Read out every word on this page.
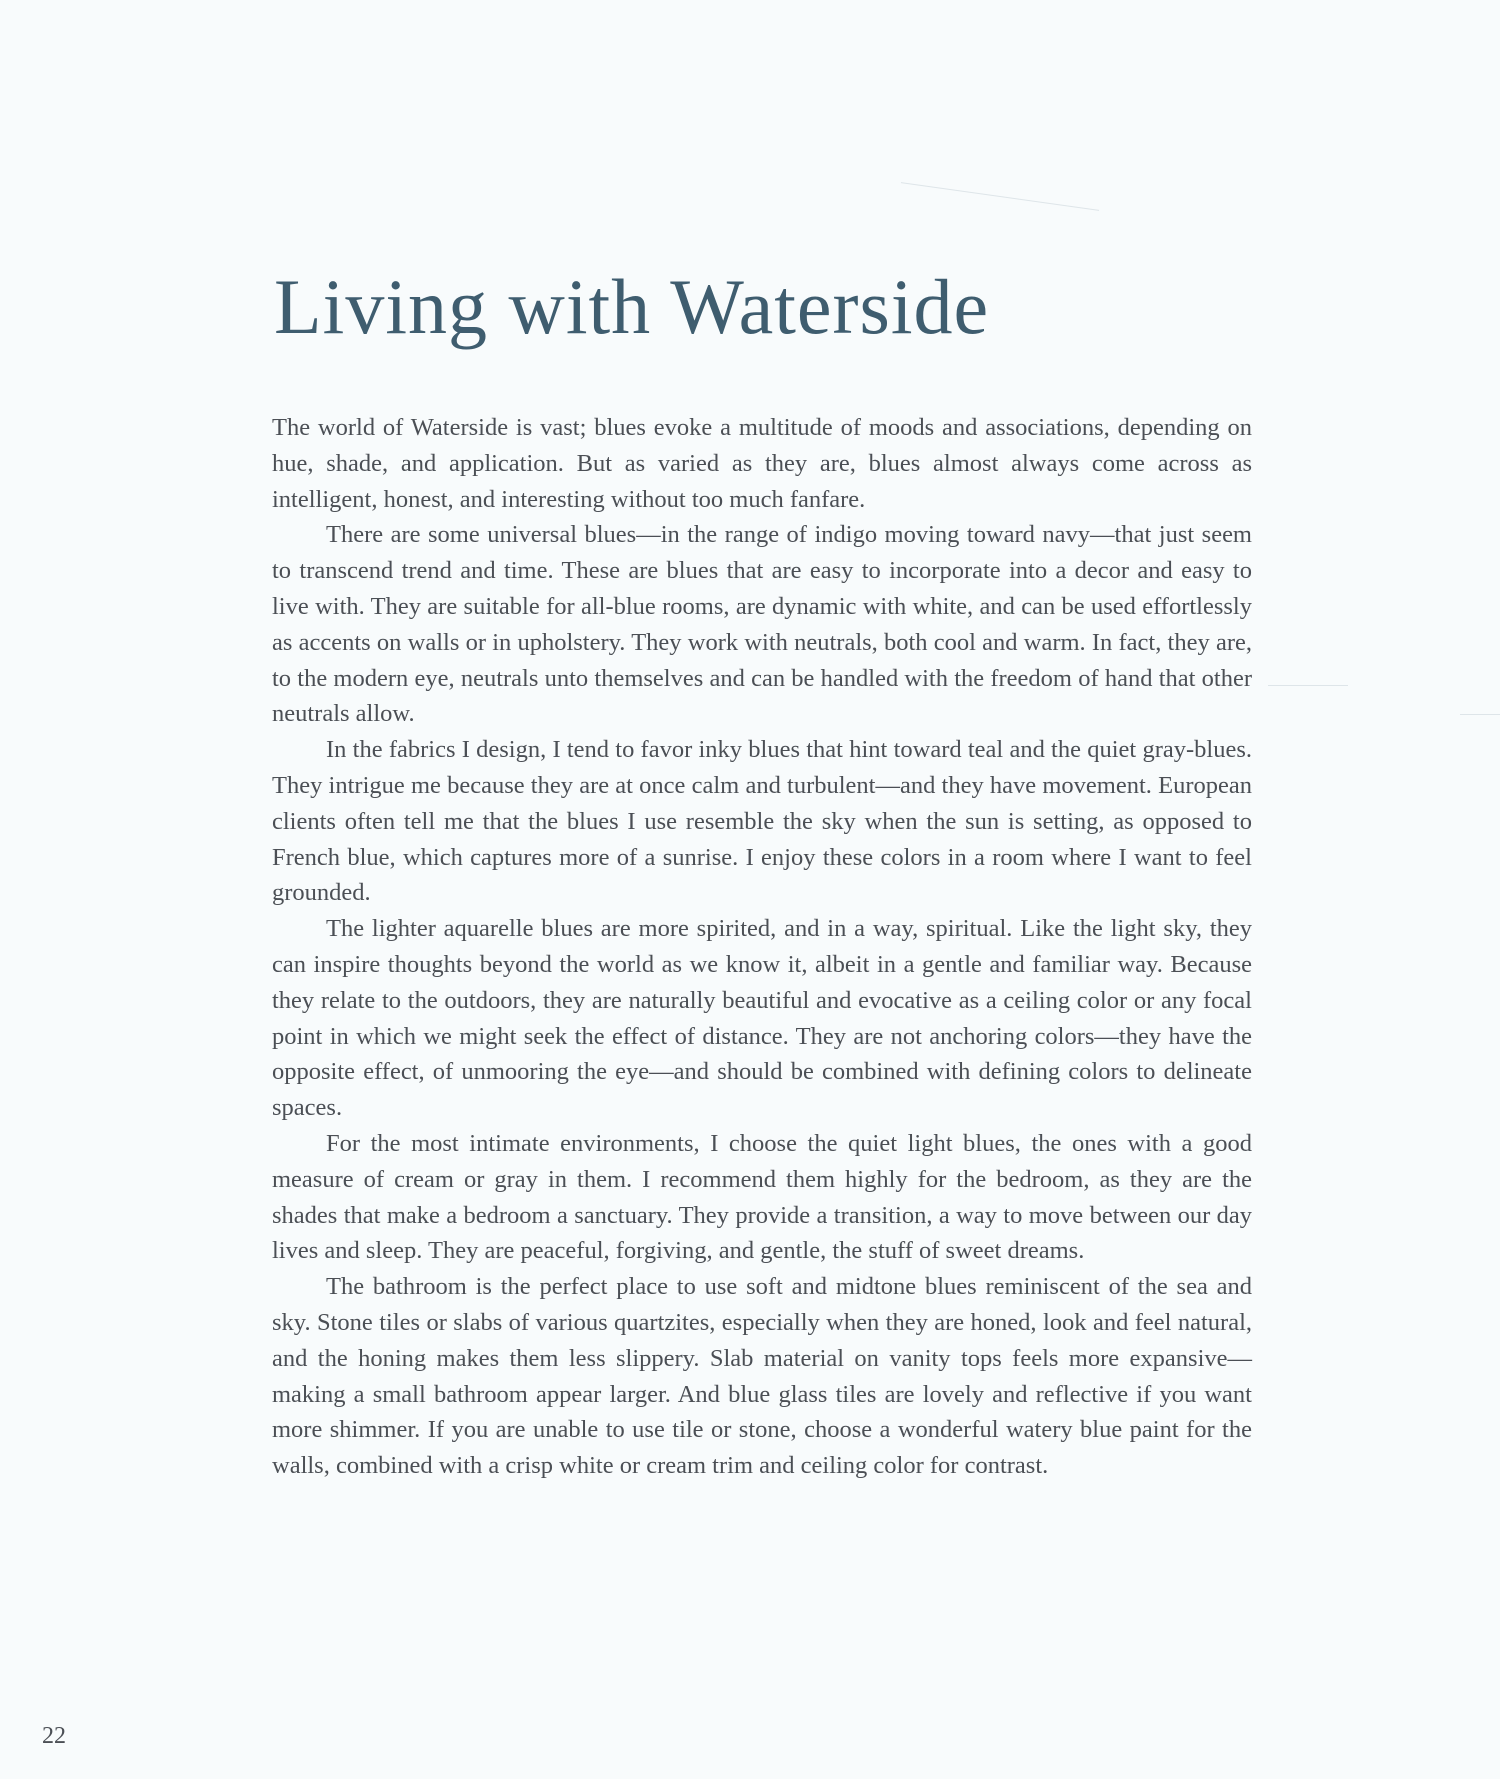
Living with Waterside

The world of Waterside is vast; blues evoke a multitude of moods and associations, depending on hue, shade, and application. But as varied as they are, blues almost always come across as intelligent, honest, and interesting without too much fanfare.

There are some universal blues—in the range of indigo moving toward navy—that just seem to transcend trend and time. These are blues that are easy to incorporate into a decor and easy to live with. They are suitable for all-blue rooms, are dynamic with white, and can be used effortlessly as accents on walls or in upholstery. They work with neutrals, both cool and warm. In fact, they are, to the modern eye, neutrals unto themselves and can be handled with the freedom of hand that other neutrals allow.

In the fabrics I design, I tend to favor inky blues that hint toward teal and the quiet gray-blues. They intrigue me because they are at once calm and turbulent—and they have movement. European clients often tell me that the blues I use resemble the sky when the sun is setting, as opposed to French blue, which captures more of a sunrise. I enjoy these colors in a room where I want to feel grounded.

The lighter aquarelle blues are more spirited, and in a way, spiritual. Like the light sky, they can inspire thoughts beyond the world as we know it, albeit in a gentle and familiar way. Because they relate to the outdoors, they are naturally beautiful and evocative as a ceiling color or any focal point in which we might seek the effect of distance. They are not anchoring colors—they have the opposite effect, of unmooring the eye—and should be combined with defining colors to delineate spaces.

For the most intimate environments, I choose the quiet light blues, the ones with a good measure of cream or gray in them. I recommend them highly for the bedroom, as they are the shades that make a bedroom a sanctuary. They provide a transition, a way to move between our day lives and sleep. They are peaceful, forgiving, and gentle, the stuff of sweet dreams.

The bathroom is the perfect place to use soft and midtone blues reminiscent of the sea and sky. Stone tiles or slabs of various quartzites, especially when they are honed, look and feel natural, and the honing makes them less slippery. Slab material on vanity tops feels more expansive—making a small bathroom appear larger. And blue glass tiles are lovely and reflective if you want more shimmer. If you are unable to use tile or stone, choose a wonderful watery blue paint for the walls, combined with a crisp white or cream trim and ceiling color for contrast.

22
